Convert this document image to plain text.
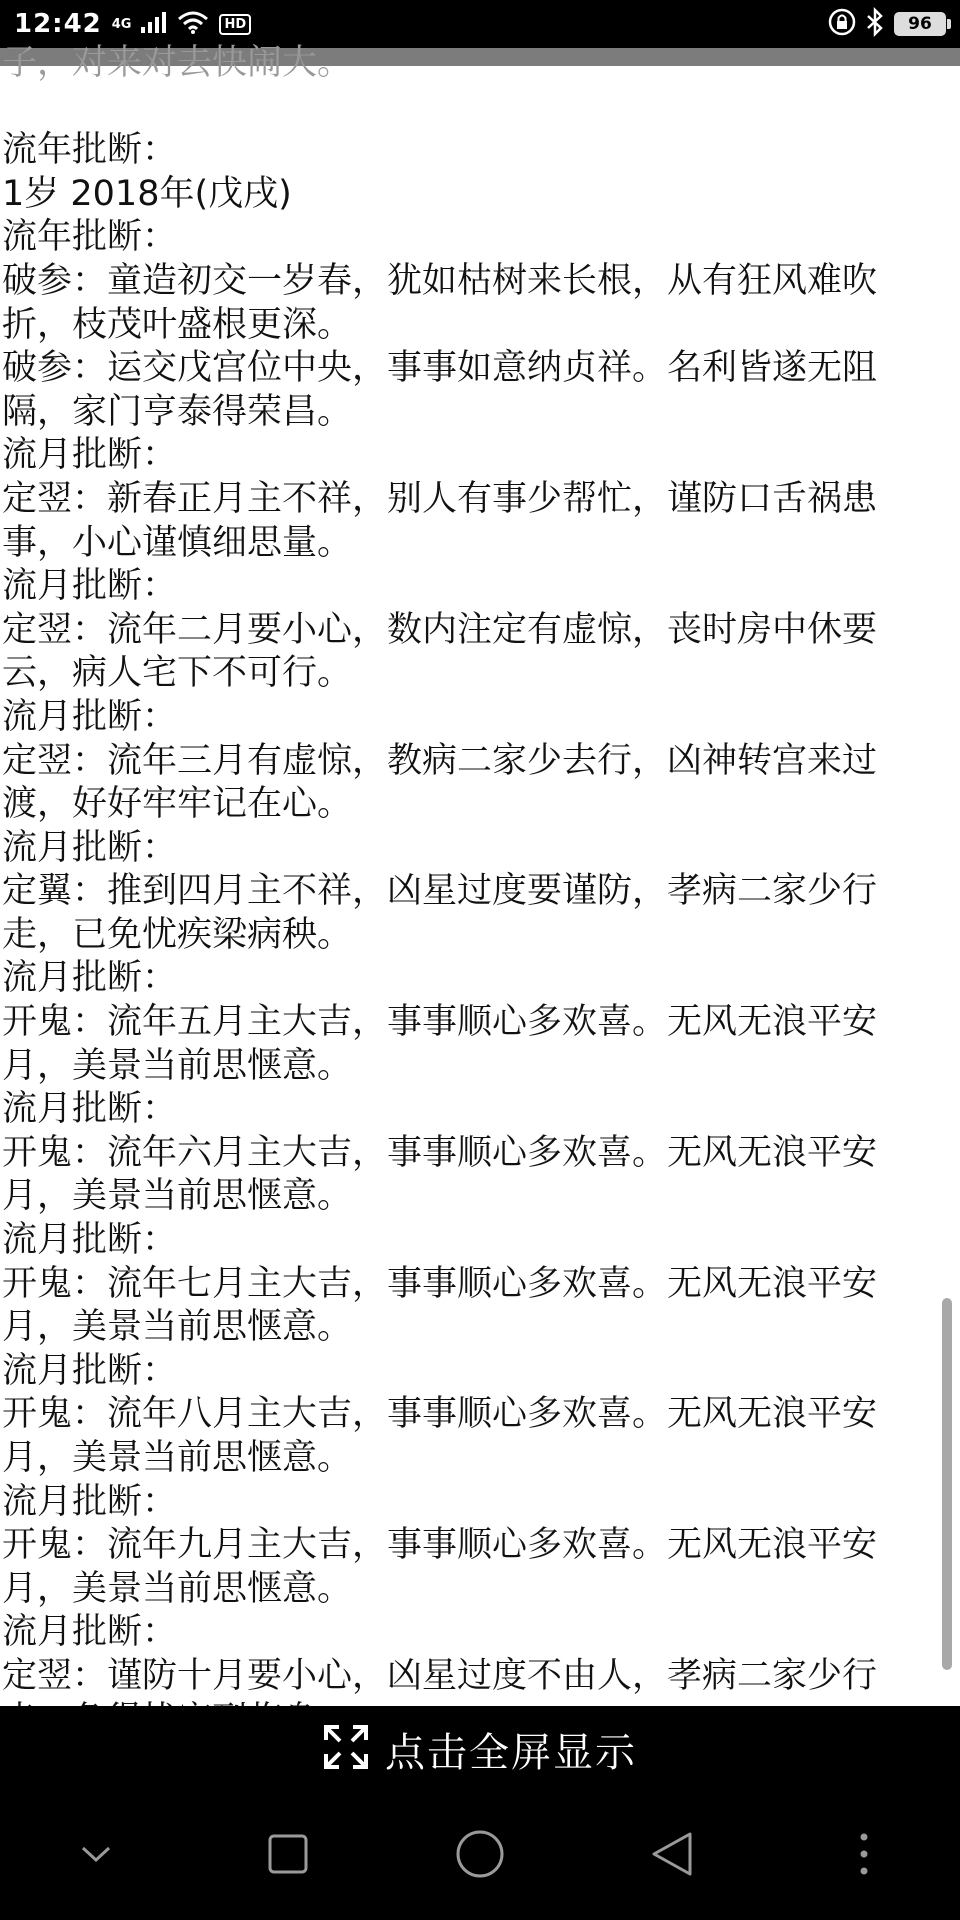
12:42 4G	HD	96
子，对来对去快闹大。

流年批断：
1岁 2018年(戊戌)
流年批断：
破参：童造初交一岁春，犹如枯树来长根，从有狂风难吹
折，枝茂叶盛根更深。
破参：运交戊宫位中央，事事如意纳贞祥。名利皆遂无阻
隔，家门亨泰得荣昌。
流月批断：
定翌：新春正月主不祥，别人有事少帮忙，谨防口舌祸患
事，小心谨慎细思量。
流月批断：
定翌：流年二月要小心，数内注定有虚惊，丧时房中休要
云，病人宅下不可行。
流月批断：
定翌：流年三月有虚惊，教病二家少去行，凶神转宫来过
渡，好好牢牢记在心。
流月批断：
定翼：推到四月主不祥，凶星过度要谨防，孝病二家少行
走，已免忧疾梁病秧。
流月批断：
开鬼：流年五月主大吉，事事顺心多欢喜。无风无浪平安
月，美景当前思惬意。
流月批断：
开鬼：流年六月主大吉，事事顺心多欢喜。无风无浪平安
月，美景当前思惬意。
流月批断：
开鬼：流年七月主大吉，事事顺心多欢喜。无风无浪平安
月，美景当前思惬意。
流月批断：
开鬼：流年八月主大吉，事事顺心多欢喜。无风无浪平安
月，美景当前思惬意。
流月批断：
开鬼：流年九月主大吉，事事顺心多欢喜。无风无浪平安
月，美景当前思惬意。
流月批断：
定翌：谨防十月要小心，凶星过度不由人，孝病二家少行
点击全屏显示
